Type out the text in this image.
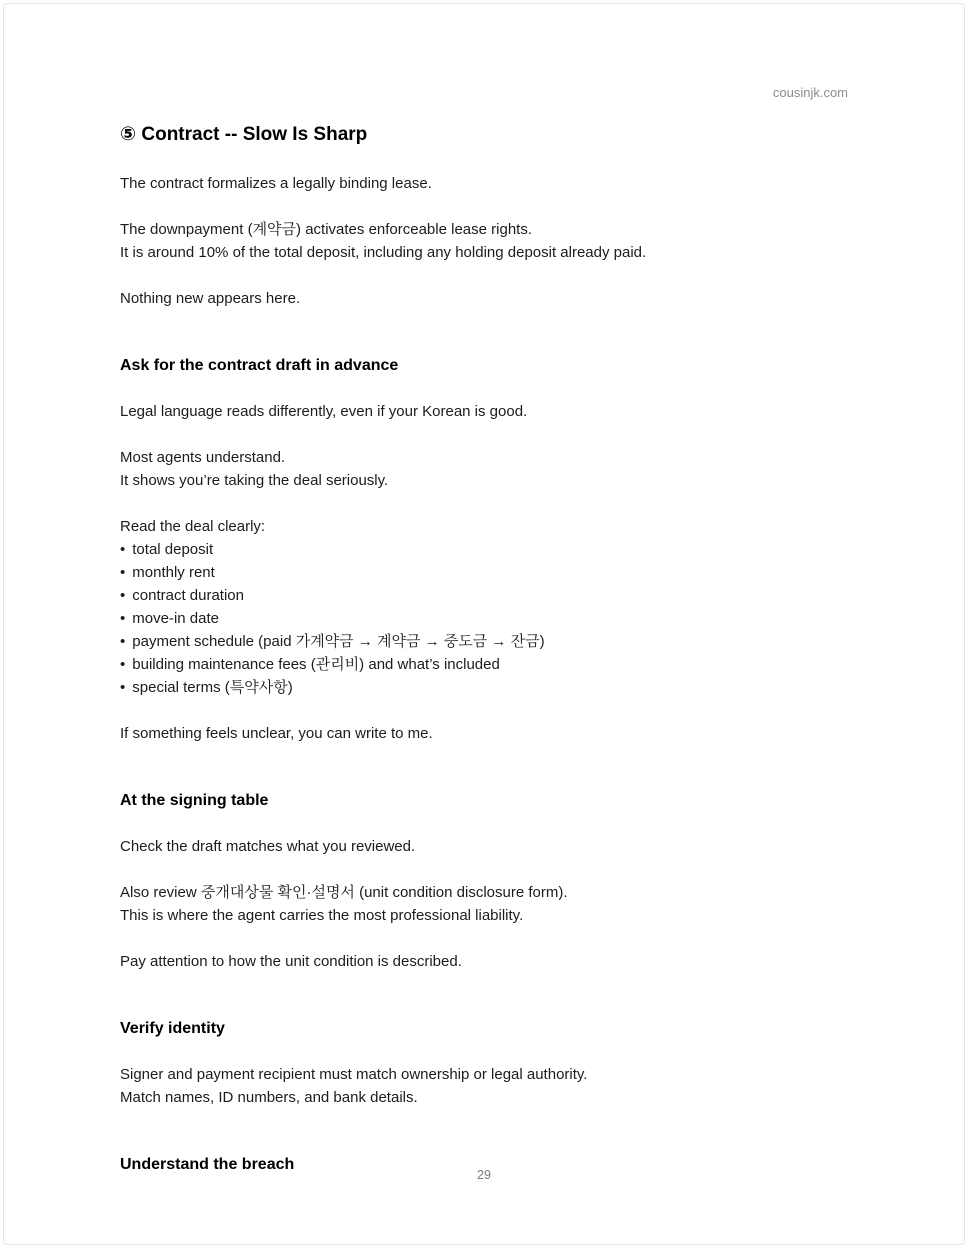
cousinjk.com
⑤ Contract -- Slow Is Sharp
The contract formalizes a legally binding lease.
The downpayment (계약금) activates enforceable lease rights.
It is around 10% of the total deposit, including any holding deposit already paid.
Nothing new appears here.
Ask for the contract draft in advance
Legal language reads differently, even if your Korean is good.
Most agents understand.
It shows you’re taking the deal seriously.
Read the deal clearly:
• total deposit
• monthly rent
• contract duration
• move-in date
• payment schedule (paid 가계약금 → 계약금 → 중도금 → 잔금)
• building maintenance fees (관리비) and what’s included
• special terms (특약사항)
If something feels unclear, you can write to me.
At the signing table
Check the draft matches what you reviewed.
Also review 중개대상물 확인·설명서 (unit condition disclosure form).
This is where the agent carries the most professional liability.
Pay attention to how the unit condition is described.
Verify identity
Signer and payment recipient must match ownership or legal authority.
Match names, ID numbers, and bank details.
Understand the breach
29
